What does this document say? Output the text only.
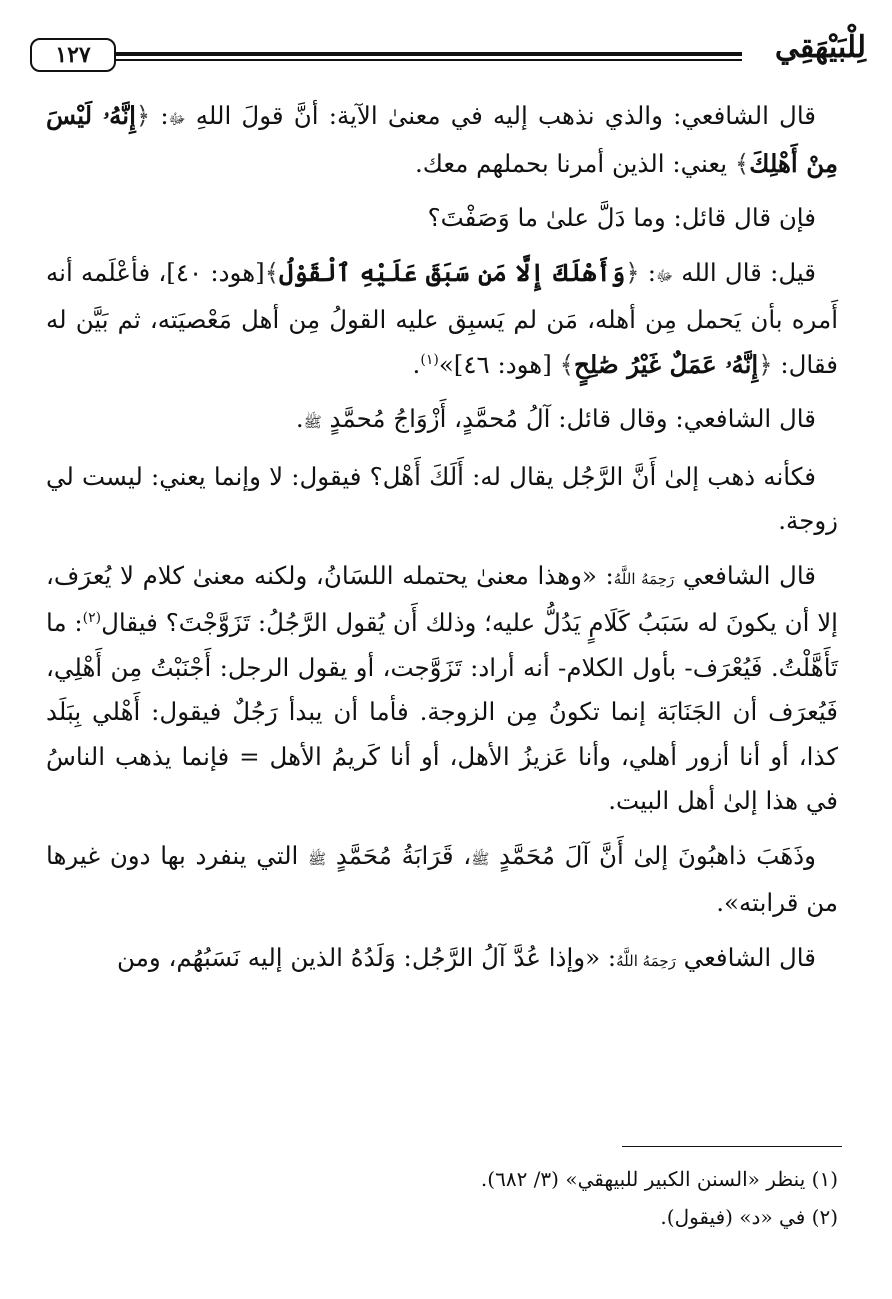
١٢٧	لِلْبَيْهَقِي

قال الشافعي: والذي نذهب إليه في معنىٰ الآية: أنَّ قولَ اللهِ ﷻ: ﴿إِنَّهُۥ لَيْسَ مِنْ أَهْلِكَ﴾ يعني: الذين أمرنا بحملهم معك.

فإن قال قائل: وما دَلَّ علىٰ ما وَصَفْتَ؟

قيل: قال الله ﷻ: ﴿وَأَهْلَكَ إِلَّا مَن سَبَقَ عَلَيْهِ ٱلْقَوْلُ﴾[هود: ٤٠]، فأعْلَمه أنه أَمره بأن يَحمل مِن أهله، مَن لم يَسبِق عليه القولُ مِن أهل مَعْصيَته، ثم بَيَّن له فقال: ﴿إِنَّهُۥ عَمَلٌ غَيْرُ صَٰلِحٍ﴾ [هود: ٤٦]»$^{(١)}$.

قال الشافعي: وقال قائل: آلُ مُحمَّدٍ، أَزْوَاجُ مُحمَّدٍ ﷺ.

فكأنه ذهب إلىٰ أَنَّ الرَّجُل يقال له: أَلَكَ أَهْل؟ فيقول: لا وإنما يعني: ليست لي زوجة.

قال الشافعي رَحِمَهُ اللَّهُ: «وهذا معنىٰ يحتمله اللسَانُ، ولكنه معنىٰ كلام لا يُعرَف، إلا أن يكونَ له سَبَبُ كَلَامٍ يَدُلُّ عليه؛ وذلك أَن يُقول الرَّجُلُ: تَزَوَّجْتَ؟ فيقال$^{(٢)}$: ما تَأَهَّلْتُ. فَيُعْرَف- بأول الكلام- أنه أراد: تَزَوَّجت، أو يقول الرجل: أَجْنَبْتُ مِن أَهْلِي، فَيُعرَف أن الجَنَابَة إنما تكونُ مِن الزوجة. فأما أن يبدأ رَجُلٌ فيقول: أَهْلي بِبَلَد كذا، أو أنا أزور أهلي، وأنا عَزيزُ الأهل، أو أنا كَريمُ الأهل = فإنما يذهب الناسُ في هذا إلىٰ أهل البيت.

وذَهَبَ ذاهبُونَ إلىٰ أَنَّ آلَ مُحَمَّدٍ ﷺ، قَرَابَةُ مُحَمَّدٍ ﷺ التي ينفرد بها دون غيرها من قرابته».

قال الشافعي رَحِمَهُ اللَّهُ: «وإذا عُدَّ آلُ الرَّجُل: وَلَدُهُ الذين إليه نَسَبُهُم، ومن

(١) ينظر «السنن الكبير للبيهقي» (٣/ ٦٨٢).

(٢) في «د» (فيقول).
